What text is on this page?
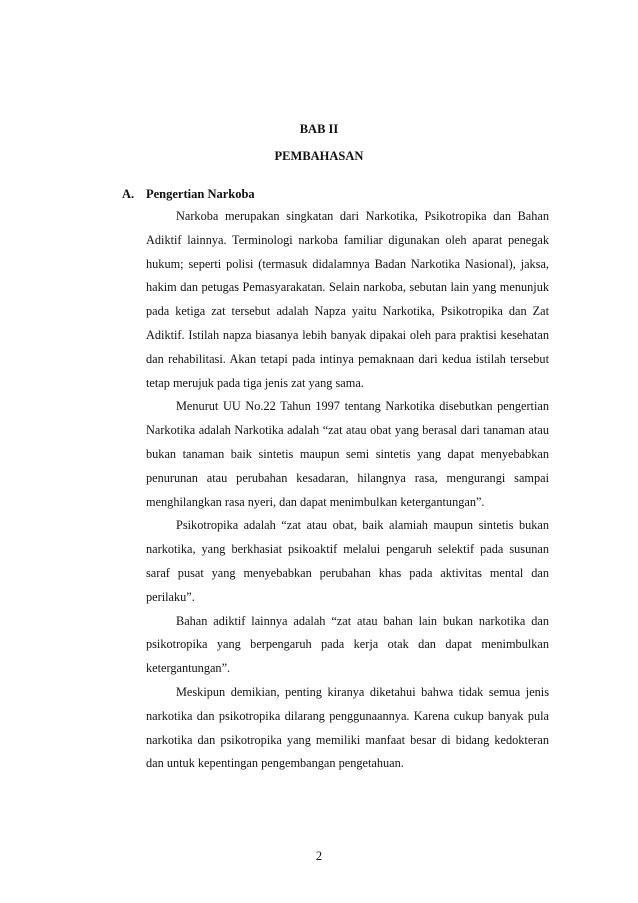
BAB II
PEMBAHASAN
A. Pengertian Narkoba

Narkoba merupakan singkatan dari Narkotika, Psikotropika dan Bahan Adiktif lainnya. Terminologi narkoba familiar digunakan oleh aparat penegak hukum; seperti polisi (termasuk didalamnya Badan Narkotika Nasional), jaksa, hakim dan petugas Pemasyarakatan. Selain narkoba, sebutan lain yang menunjuk pada ketiga zat tersebut adalah Napza yaitu Narkotika, Psikotropika dan Zat Adiktif. Istilah napza biasanya lebih banyak dipakai oleh para praktisi kesehatan dan rehabilitasi. Akan tetapi pada intinya pemaknaan dari kedua istilah tersebut tetap merujuk pada tiga jenis zat yang sama.

Menurut UU No.22 Tahun 1997 tentang Narkotika disebutkan pengertian Narkotika adalah Narkotika adalah “zat atau obat yang berasal dari tanaman atau bukan tanaman baik sintetis maupun semi sintetis yang dapat menyebabkan penurunan atau perubahan kesadaran, hilangnya rasa, mengurangi sampai menghilangkan rasa nyeri, dan dapat menimbulkan ketergantungan”.

Psikotropika adalah “zat atau obat, baik alamiah maupun sintetis bukan narkotika, yang berkhasiat psikoaktif melalui pengaruh selektif pada susunan saraf pusat yang menyebabkan perubahan khas pada aktivitas mental dan perilaku”.

Bahan adiktif lainnya adalah “zat atau bahan lain bukan narkotika dan psikotropika yang berpengaruh pada kerja otak dan dapat menimbulkan ketergantungan”.

Meskipun demikian, penting kiranya diketahui bahwa tidak semua jenis narkotika dan psikotropika dilarang penggunaannya. Karena cukup banyak pula narkotika dan psikotropika yang memiliki manfaat besar di bidang kedokteran dan untuk kepentingan pengembangan pengetahuan.

2
